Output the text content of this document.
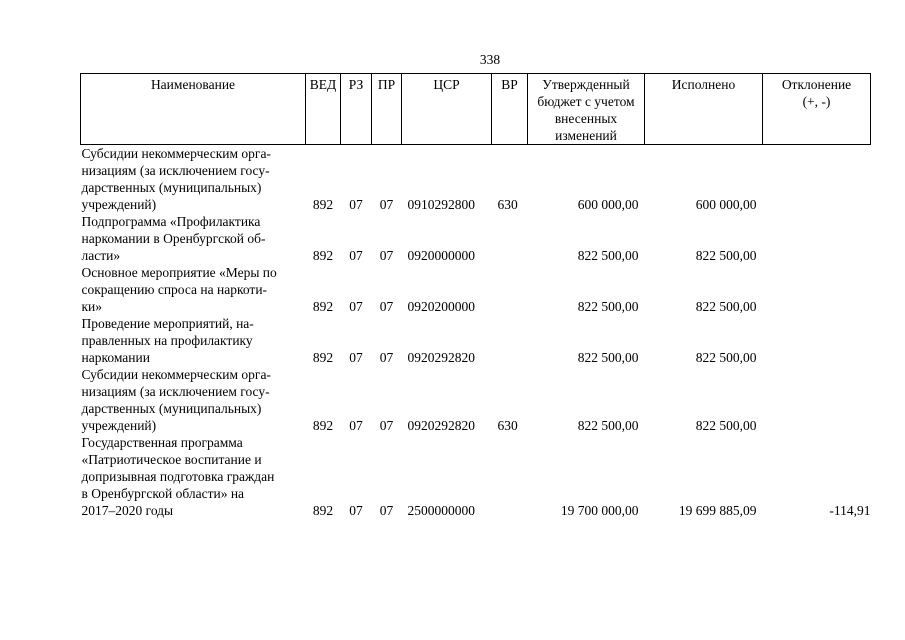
338
Наименование	ВЕД	РЗ	ПР	ЦСР	ВР	Утвержденный
бюджет с учетом
внесенных
изменений	Исполнено	Отклонение
(+, -)

Субсидии некоммерческим орга-
низациям (за исключением госу-
дарственных (муниципальных)
учреждений)	892	07	07	0910292800	630	600 000,00	600 000,00	

Подпрограмма «Профилактика
наркомании в Оренбургской об-
ласти»	892	07	07	0920000000		822 500,00	822 500,00	

Основное мероприятие «Меры по
сокращению спроса на наркоти-
ки»	892	07	07	0920200000		822 500,00	822 500,00	

Проведение мероприятий, на-
правленных на профилактику
наркомании	892	07	07	0920292820		822 500,00	822 500,00	

Субсидии некоммерческим орга-
низациям (за исключением госу-
дарственных (муниципальных)
учреждений)	892	07	07	0920292820	630	822 500,00	822 500,00	

Государственная программа
«Патриотическое воспитание и
допризывная подготовка граждан
в Оренбургской области» на
2017–2020 годы	892	07	07	2500000000		19 700 000,00	19 699 885,09	-114,91
